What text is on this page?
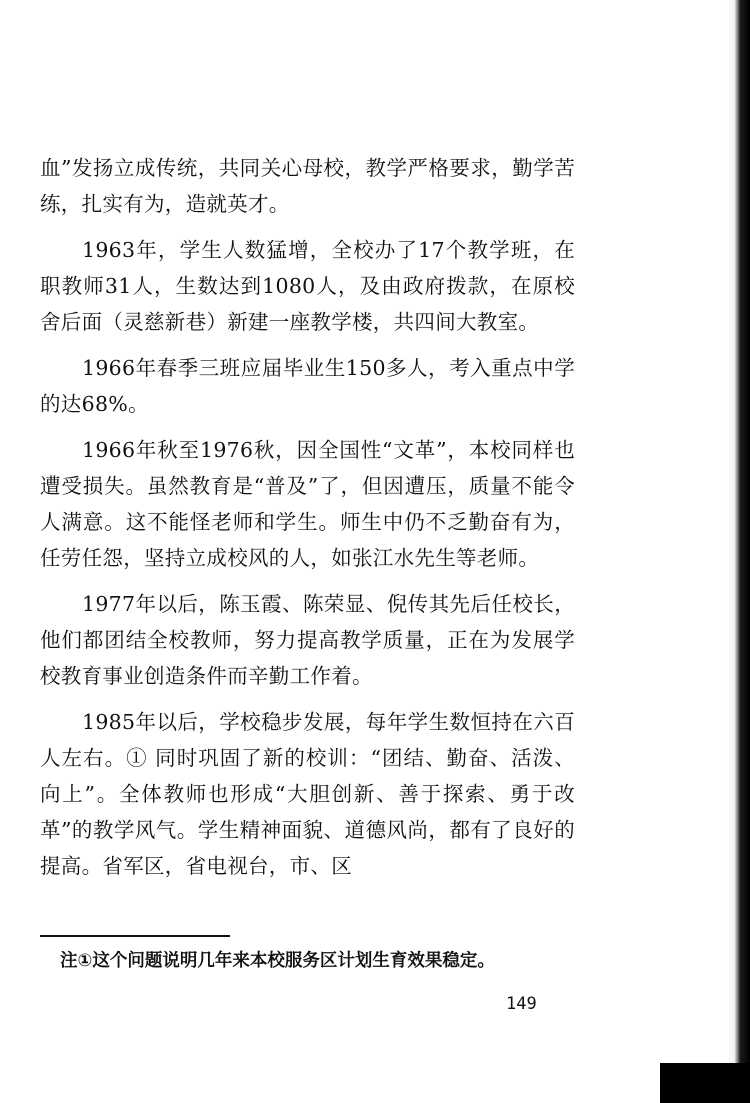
血”发扬立成传统，共同关心母校，教学严格要求，勤学苦练，扎实有为，造就英才。

1963年，学生人数猛增，全校办了17个教学班，在职教师31人，生数达到1080人，及由政府拨款，在原校舍后面（灵慈新巷）新建一座教学楼，共四间大教室。

1966年春季三班应届毕业生150多人，考入重点中学的达68%。

1966年秋至1976秋，因全国性“文革”，本校同样也遭受损失。虽然教育是“普及”了，但因遭压，质量不能令人满意。这不能怪老师和学生。师生中仍不乏勤奋有为，任劳任怨，坚持立成校风的人，如张江水先生等老师。

1977年以后，陈玉霞、陈荣显、倪传其先后任校长，他们都团结全校教师，努力提高教学质量，正在为发展学校教育事业创造条件而辛勤工作着。

1985年以后，学校稳步发展，每年学生数恒持在六百人左右。① 同时巩固了新的校训：“团结、勤奋、活泼、向上”。全体教师也形成“大胆创新、善于探索、勇于改革”的教学风气。学生精神面貌、道德风尚，都有了良好的提高。省军区，省电视台，市、区

注①这个问题说明几年来本校服务区计划生育效果稳定。
149
